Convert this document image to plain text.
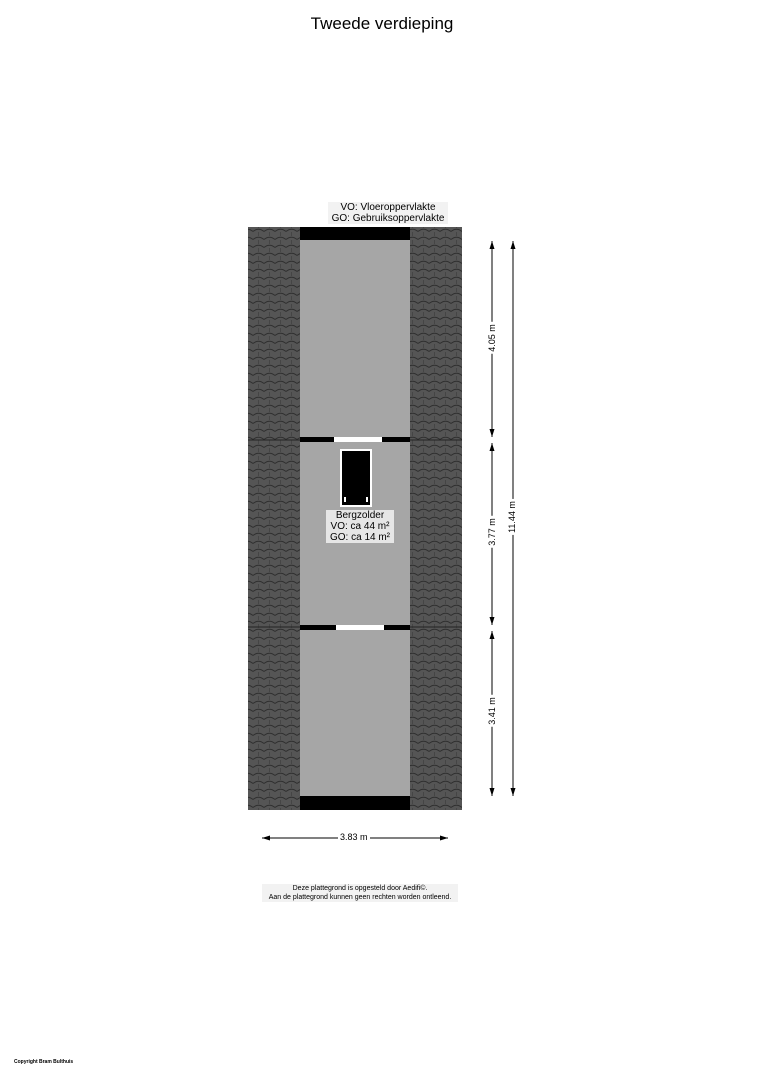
Tweede verdieping
VO: Vloeroppervlakte
GO: Gebruiksoppervlakte
Bergzolder
VO: ca 44 m²
GO: ca 14 m²
4.05 m
3.77 m
3.41 m
11.44 m
3.83 m
Deze plattegrond is opgesteld door Aedifi©.
Aan de plattegrond kunnen geen rechten worden ontleend.
Copyright Bram Bulthuis
